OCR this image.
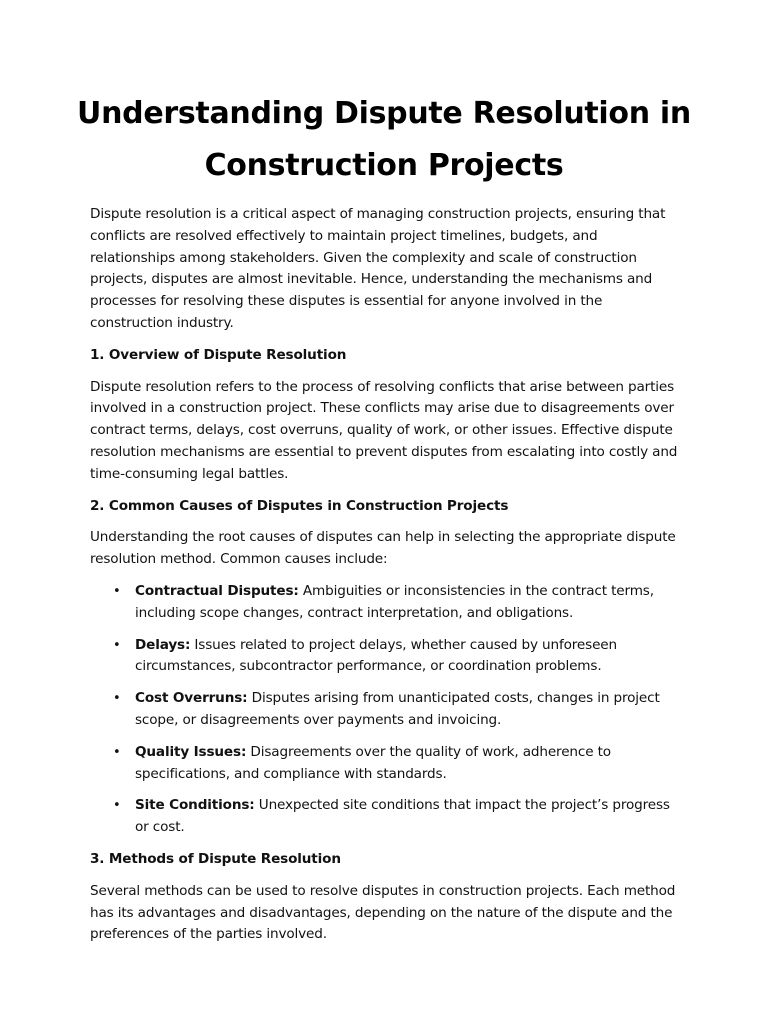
Understanding Dispute Resolution in Construction Projects

Dispute resolution is a critical aspect of managing construction projects, ensuring that conflicts are resolved effectively to maintain project timelines, budgets, and relationships among stakeholders. Given the complexity and scale of construction projects, disputes are almost inevitable. Hence, understanding the mechanisms and processes for resolving these disputes is essential for anyone involved in the construction industry.

1. Overview of Dispute Resolution

Dispute resolution refers to the process of resolving conflicts that arise between parties involved in a construction project. These conflicts may arise due to disagreements over contract terms, delays, cost overruns, quality of work, or other issues. Effective dispute resolution mechanisms are essential to prevent disputes from escalating into costly and time-consuming legal battles.

2. Common Causes of Disputes in Construction Projects

Understanding the root causes of disputes can help in selecting the appropriate dispute resolution method. Common causes include:

• Contractual Disputes: Ambiguities or inconsistencies in the contract terms, including scope changes, contract interpretation, and obligations.
• Delays: Issues related to project delays, whether caused by unforeseen circumstances, subcontractor performance, or coordination problems.
• Cost Overruns: Disputes arising from unanticipated costs, changes in project scope, or disagreements over payments and invoicing.
• Quality Issues: Disagreements over the quality of work, adherence to specifications, and compliance with standards.
• Site Conditions: Unexpected site conditions that impact the project’s progress or cost.
3. Methods of Dispute Resolution

Several methods can be used to resolve disputes in construction projects. Each method has its advantages and disadvantages, depending on the nature of the dispute and the preferences of the parties involved.
